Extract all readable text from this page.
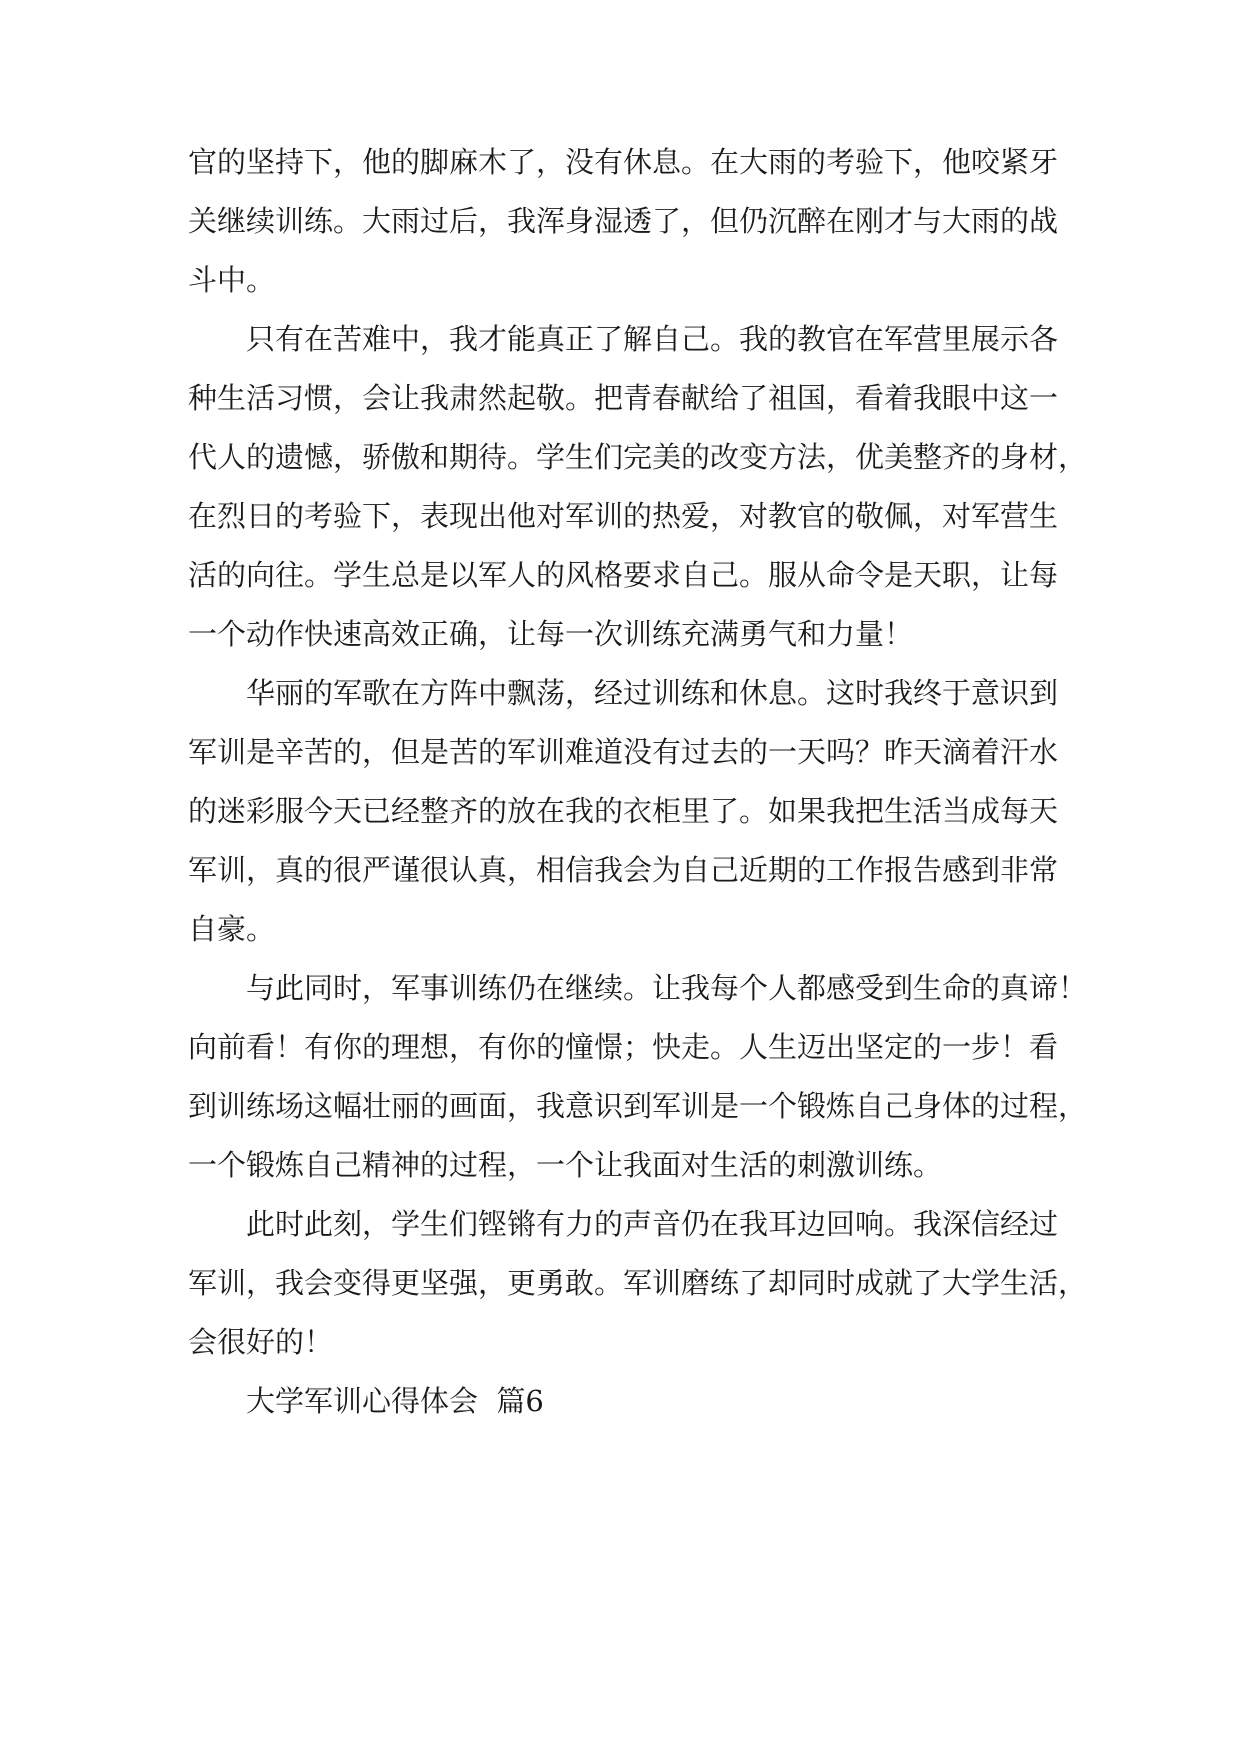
官的坚持下，他的脚麻木了，没有休息。在大雨的考验下，他咬紧牙
关继续训练。大雨过后，我浑身湿透了，但仍沉醉在刚才与大雨的战
斗中。
只有在苦难中，我才能真正了解自己。我的教官在军营里展示各
种生活习惯，会让我肃然起敬。把青春献给了祖国，看着我眼中这一
代人的遗憾，骄傲和期待。学生们完美的改变方法，优美整齐的身材，
在烈日的考验下，表现出他对军训的热爱，对教官的敬佩，对军营生
活的向往。学生总是以军人的风格要求自己。服从命令是天职，让每
一个动作快速高效正确，让每一次训练充满勇气和力量！
华丽的军歌在方阵中飘荡，经过训练和休息。这时我终于意识到
军训是辛苦的，但是苦的军训难道没有过去的一天吗？昨天滴着汗水
的迷彩服今天已经整齐的放在我的衣柜里了。如果我把生活当成每天
军训，真的很严谨很认真，相信我会为自己近期的工作报告感到非常
自豪。
与此同时，军事训练仍在继续。让我每个人都感受到生命的真谛！
向前看！有你的理想，有你的憧憬；快走。人生迈出坚定的一步！看
到训练场这幅壮丽的画面，我意识到军训是一个锻炼自己身体的过程，
一个锻炼自己精神的过程，一个让我面对生活的刺激训练。
此时此刻，学生们铿锵有力的声音仍在我耳边回响。我深信经过
军训，我会变得更坚强，更勇敢。军训磨练了却同时成就了大学生活，
会很好的！
大学军训心得体会  篇6
